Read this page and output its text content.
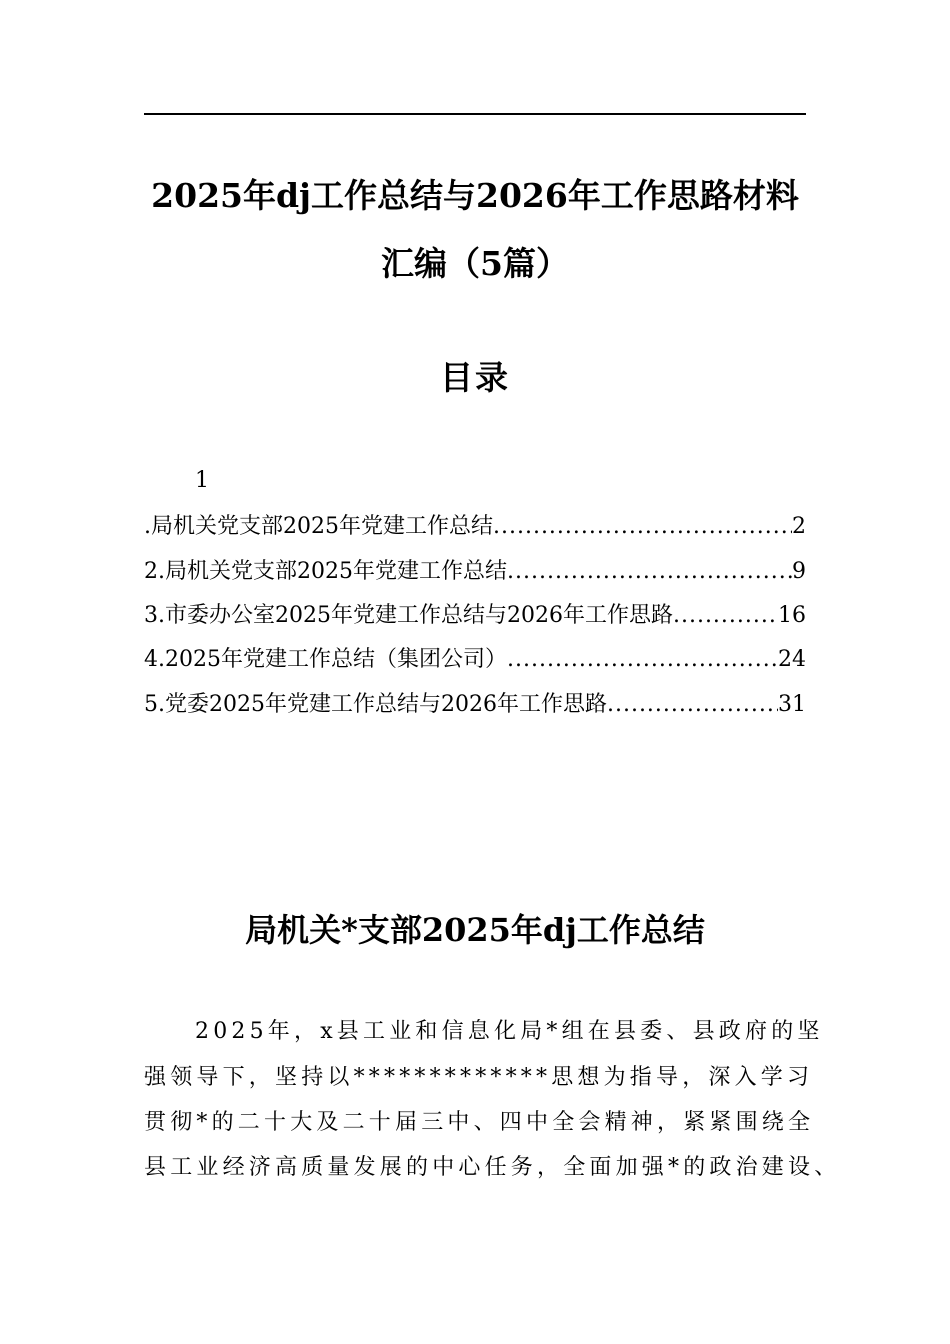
2025年dj工作总结与2026年工作思路材料
汇编（5篇）
目录
1
.局机关党支部2025年党建工作总结 .....	2
2.局机关党支部2025年党建工作总结 .....	9
3.市委办公室2025年党建工作总结与2026年工作思路 .....	16
4.2025年党建工作总结（集团公司） .....	24
5.党委2025年党建工作总结与2026年工作思路 .....	31
局机关*支部2025年dj工作总结
2025年，x县工业和信息化局*组在县委、县政府的坚
强领导下，坚持以*************思想为指导，深入学习
贯彻*的二十大及二十届三中、四中全会精神，紧紧围绕全
县工业经济高质量发展的中心任务，全面加强*的政治建设、
